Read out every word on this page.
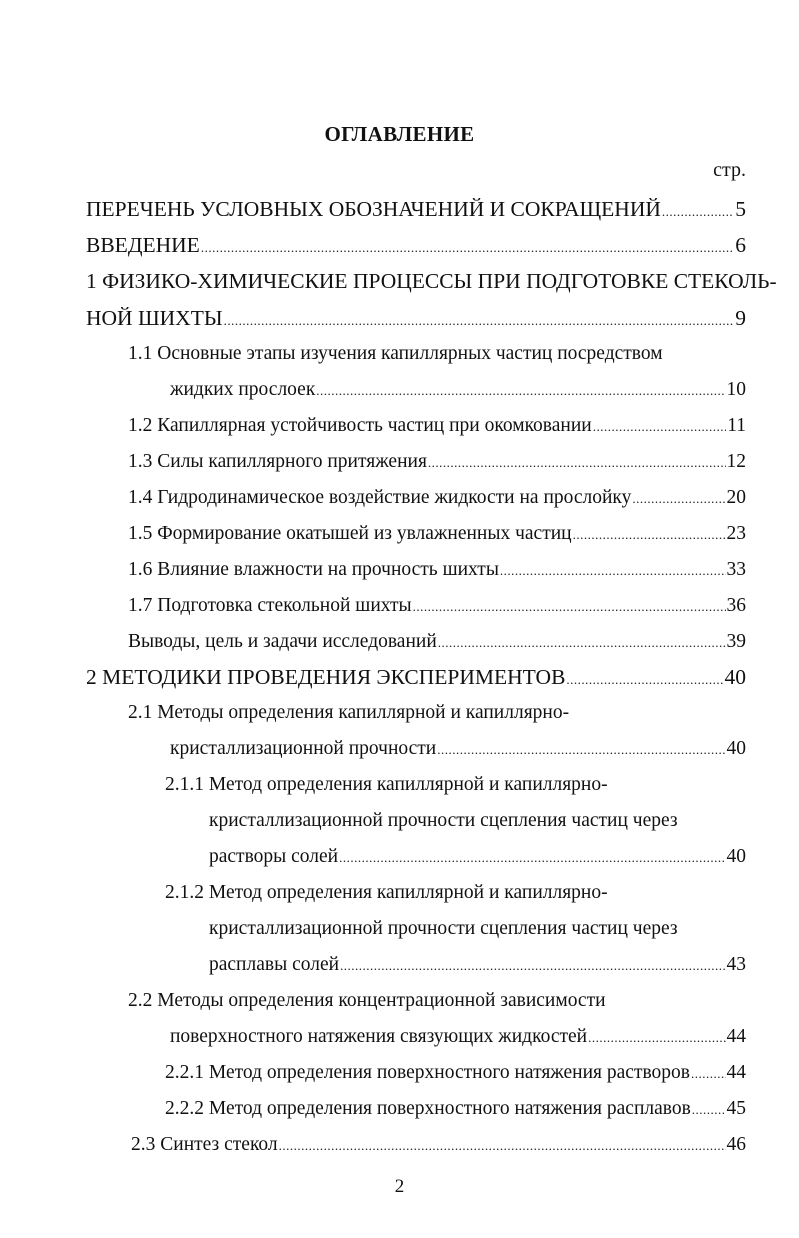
ОГЛАВЛЕНИЕ
стр.
ПЕРЕЧЕНЬ УСЛОВНЫХ ОБОЗНАЧЕНИЙ И СОКРАЩЕНИЙ .....	5
ВВЕДЕНИЕ .....	6
1 ФИЗИКО-ХИМИЧЕСКИЕ ПРОЦЕССЫ ПРИ ПОДГОТОВКЕ СТЕКОЛЬ-
НОЙ ШИХТЫ .....	9
1.1 Основные этапы изучения капиллярных частиц посредством
жидких прослоек .....	10
1.2 Капиллярная устойчивость частиц при окомковании .....	11
1.3 Силы капиллярного притяжения .....	12
1.4 Гидродинамическое воздействие жидкости на прослойку .....	20
1.5 Формирование окатышей из увлажненных частиц .....	23
1.6 Влияние влажности на прочность шихты .....	33
1.7 Подготовка стекольной шихты .....	36
Выводы, цель и задачи исследований .....	39
2 МЕТОДИКИ ПРОВЕДЕНИЯ ЭКСПЕРИМЕНТОВ .....	40
2.1 Методы определения капиллярной и капиллярно-
кристаллизационной прочности .....	40
2.1.1 Метод определения капиллярной и капиллярно-
кристаллизационной прочности сцепления частиц через
растворы солей .....	40
2.1.2 Метод определения капиллярной и капиллярно-
кристаллизационной прочности сцепления частиц через
расплавы солей .....	43
2.2 Методы определения концентрационной зависимости
поверхностного натяжения связующих жидкостей .....	44
2.2.1 Метод определения поверхностного натяжения растворов ..... 44
2.2.2 Метод определения поверхностного натяжения расплавов ..... 45
2.3 Синтез стекол .....	46
2
